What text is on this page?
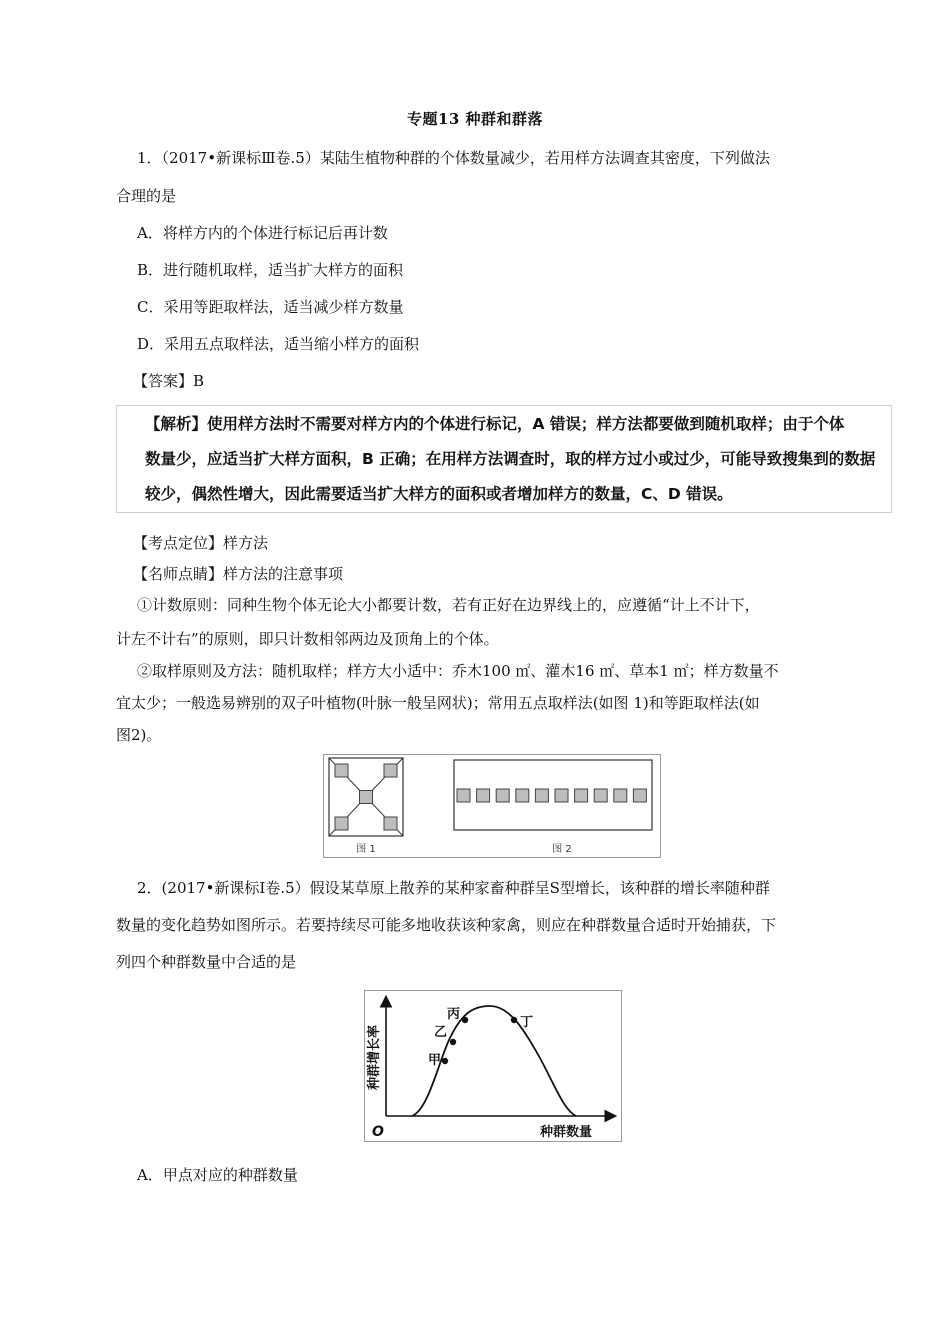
专题13 种群和群落
1．（2017•新课标Ⅲ卷.5）某陆生植物种群的个体数量减少，若用样方法调查其密度，下列做法
合理的是
A．将样方内的个体进行标记后再计数
B．进行随机取样，适当扩大样方的面积
C．采用等距取样法，适当减少样方数量
D．采用五点取样法，适当缩小样方的面积
【答案】B
【解析】使用样方法时不需要对样方内的个体进行标记，A 错误；样方法都要做到随机取样；由于个体
数量少，应适当扩大样方面积，B 正确；在用样方法调查时，取的样方过小或过少，可能导致搜集到的数据
较少，偶然性增大，因此需要适当扩大样方的面积或者增加样方的数量，C、D 错误。
【考点定位】样方法
【名师点睛】样方法的注意事项
①计数原则：同种生物个体无论大小都要计数，若有正好在边界线上的，应遵循“计上不计下，
计左不计右”的原则，即只计数相邻两边及顶角上的个体。
②取样原则及方法：随机取样；样方大小适中：乔木100 ㎡、灌木16 ㎡、草本1 ㎡；样方数量不
宜太少；一般选易辨别的双子叶植物(叶脉一般呈网状)；常用五点取样法(如图 1)和等距取样法(如
图2)。
图 1	图 2
2．(2017•新课标Ⅰ卷.5）假设某草原上散养的某种家畜种群呈S型增长，该种群的增长率随种群
数量的变化趋势如图所示。若要持续尽可能多地收获该种家禽，则应在种群数量合适时开始捕获，下
列四个种群数量中合适的是
种群增长率
种群数量
O
甲
乙
丙
丁
A．甲点对应的种群数量
